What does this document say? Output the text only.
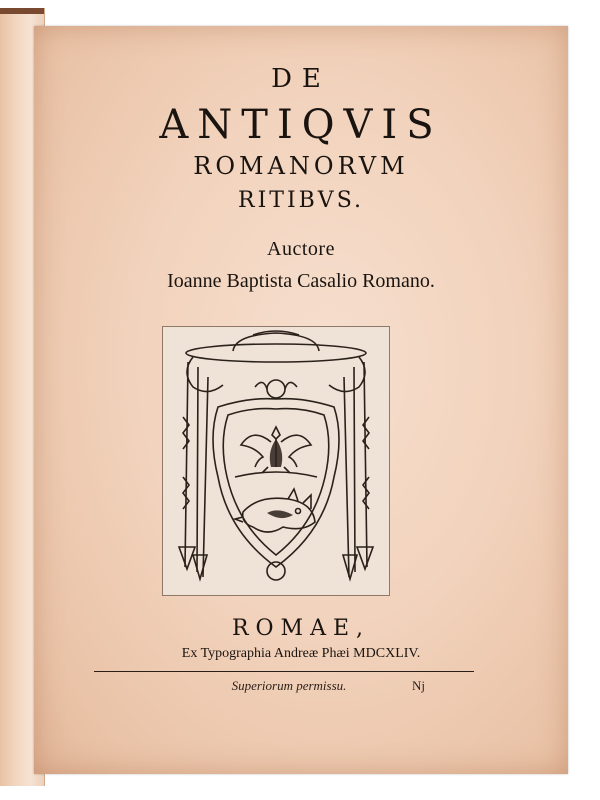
DE
ANTIQVIS
ROMANORVM
RITIBVS.
Auctore
Ioanne Baptista Casalio Romano.
ROMAE,
Ex Typographia Andreæ Phæi MDCXLIV.
Superiorum permissu.	Nj
